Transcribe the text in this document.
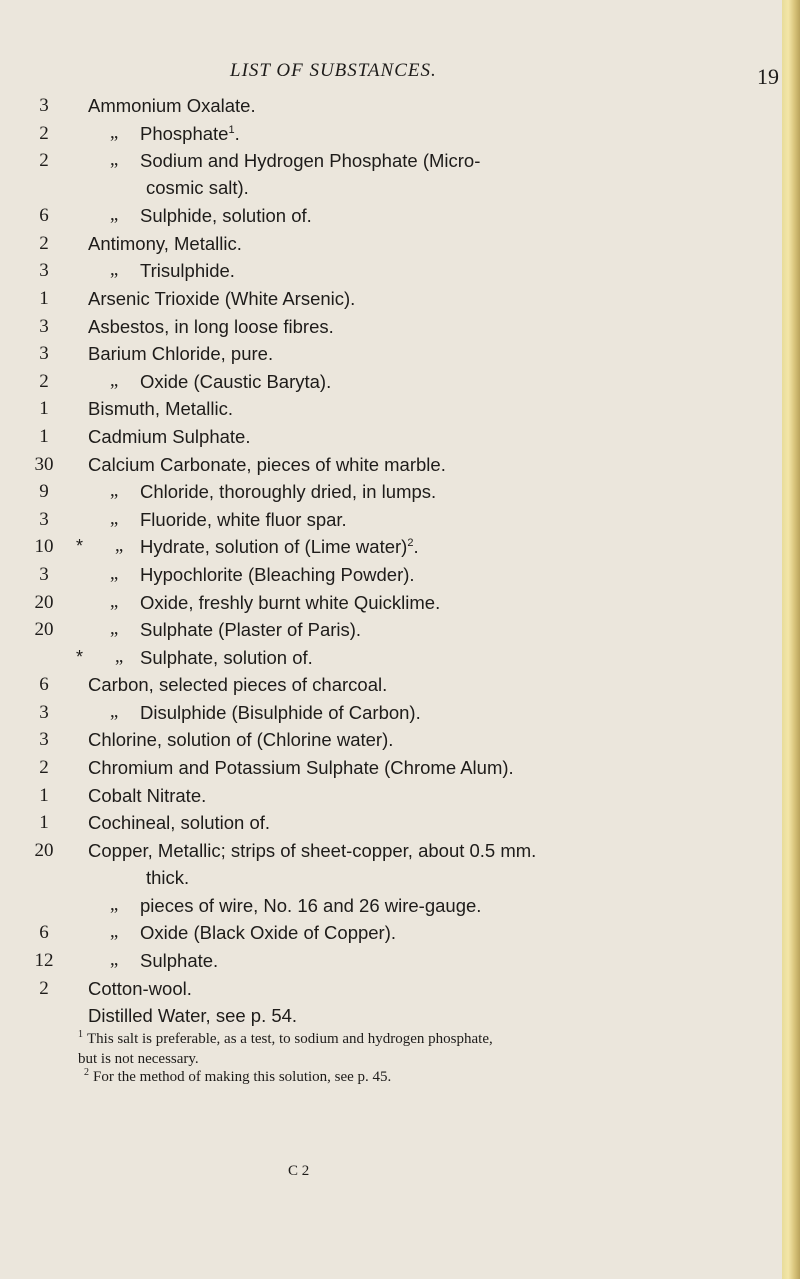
LIST OF SUBSTANCES.	19
3	Ammonium Oxalate.
2	„ Phosphate$^1$.
2	„ Sodium and Hydrogen Phosphate (Micro-
cosmic salt).
6	„ Sulphide, solution of.
2	Antimony, Metallic.
3	„ Trisulphide.
1	Arsenic Trioxide (White Arsenic).
3	Asbestos, in long loose fibres.
3	Barium Chloride, pure.
2	„ Oxide (Caustic Baryta).
1	Bismuth, Metallic.
1	Cadmium Sulphate.
30 Calcium Carbonate, pieces of white marble.
9	„ Chloride, thoroughly dried, in lumps.
3	„ Fluoride, white fluor spar.
10 * „ Hydrate, solution of (Lime water)$^2$.
3	„ Hypochlorite (Bleaching Powder).
20	„ Oxide, freshly burnt white Quicklime.
20	„ Sulphate (Plaster of Paris).
* „ Sulphate, solution of.
6	Carbon, selected pieces of charcoal.
3	„ Disulphide (Bisulphide of Carbon).
3	Chlorine, solution of (Chlorine water).
2	Chromium and Potassium Sulphate (Chrome Alum).
1	Cobalt Nitrate.
1	Cochineal, solution of.
20 Copper, Metallic; strips of sheet-copper, about 0.5 mm.
thick.
„ pieces of wire, No. 16 and 26 wire-gauge.
6	„ Oxide (Black Oxide of Copper).
12	„ Sulphate.
2	Cotton-wool.
Distilled Water, see p. 54.
$^1$ This salt is preferable, as a test, to sodium and hydrogen phosphate,
but is not necessary.
$^2$ For the method of making this solution, see p. 45.
C 2
